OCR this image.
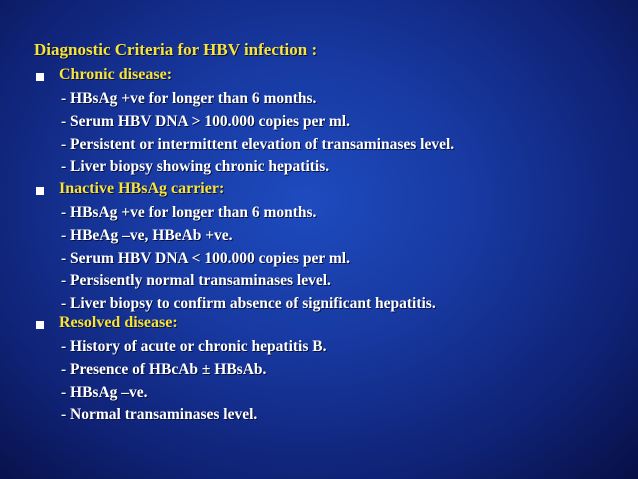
Diagnostic Criteria for HBV infection :
Chronic disease:
- HBsAg +ve for longer than 6 months.
- Serum HBV DNA > 100.000 copies per ml.
- Persistent or intermittent elevation of transaminases level.
- Liver biopsy showing chronic hepatitis.
Inactive HBsAg carrier:
- HBsAg +ve for longer than 6 months.
- HBeAg –ve, HBeAb +ve.
- Serum HBV DNA < 100.000 copies per ml.
- Persisently normal transaminases level.
- Liver biopsy to confirm absence of significant hepatitis.
Resolved disease:
- History of acute or chronic hepatitis B.
- Presence of HBcAb ± HBsAb.
- HBsAg –ve.
- Normal transaminases level.
